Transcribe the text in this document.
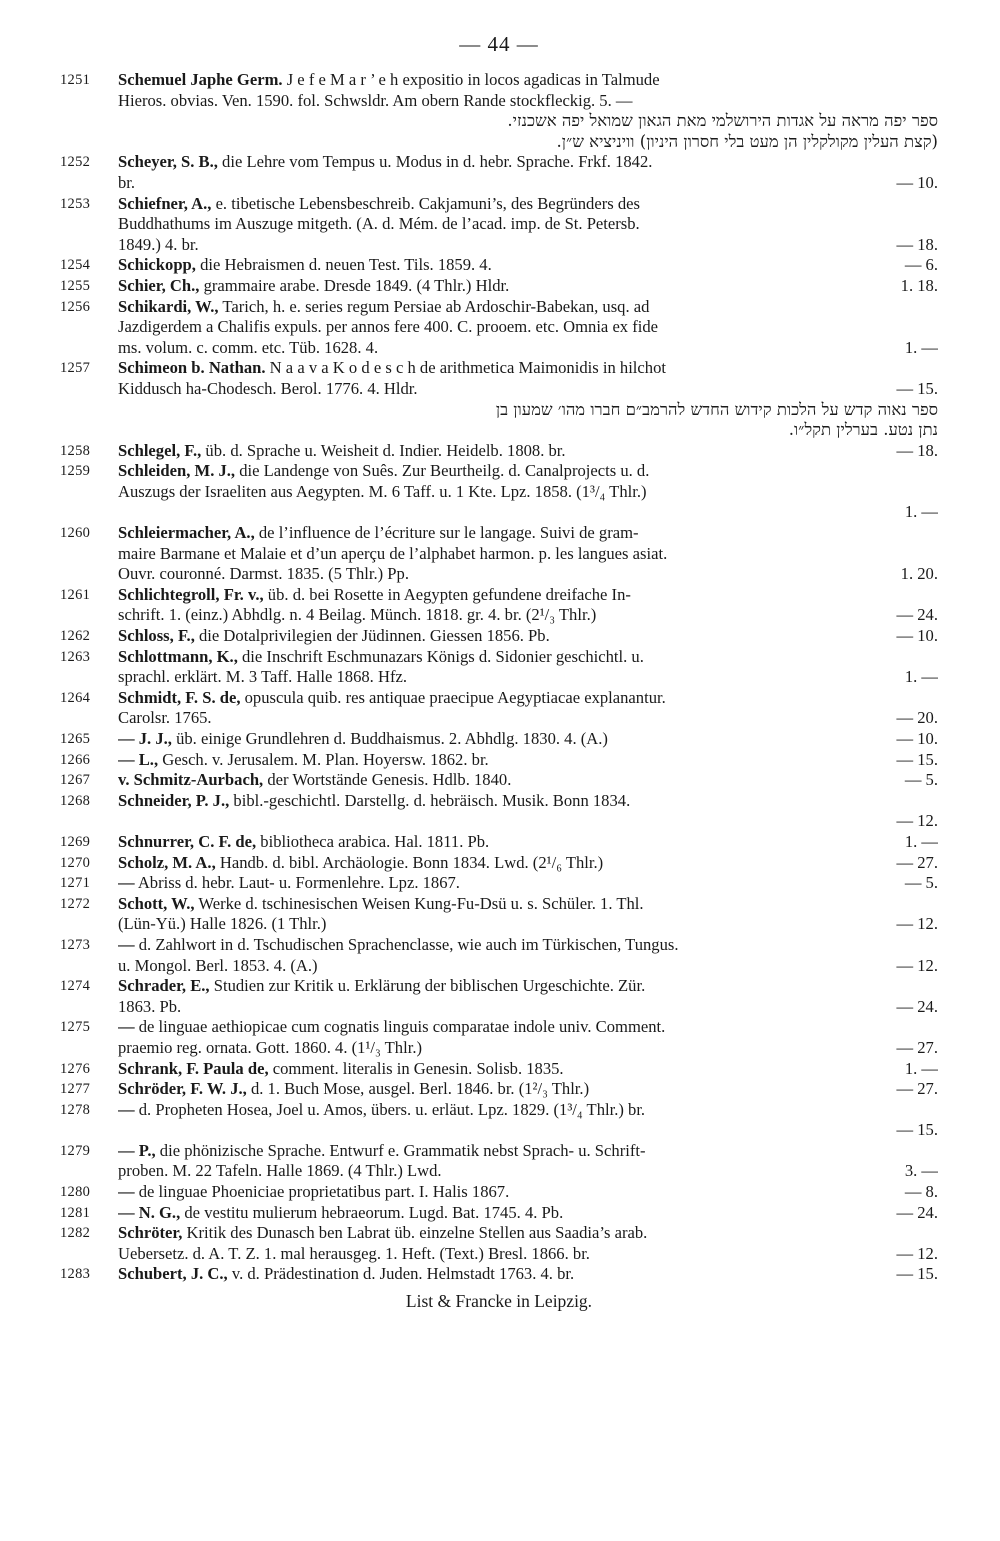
— 44 —
1251	Schemuel Japhe Germ. J e f e M a r ’ e h expositio in locos agadicas in Talmude
Hieros. obvias. Ven. 1590. fol. Schwsldr. Am obern Rande stockfleckig. 5. —
ספר יפה מראה על אגדות הירושלמי מאת הגאון שמואל יפה אשכנזי.
(קצת העלין מקולקלין הן מעט בלי חסרון היניון) וויניציא ש״ן.
1252	Scheyer, S. B., die Lehre vom Tempus u. Modus in d. hebr. Sprache. Frkf. 1842.
br.	— 10.
1253	Schiefner, A., e. tibetische Lebensbeschreib. Cakjamuni’s, des Begründers des
Buddhathums im Auszuge mitgeth. (A. d. Mém. de l’acad. imp. de St. Petersb.
1849.) 4. br.	— 18.
1254	Schickopp, die Hebraismen d. neuen Test. Tils. 1859. 4.	— 6.
1255	Schier, Ch., grammaire arabe. Dresde 1849. (4 Thlr.) Hldr.	1. 18.
1256	Schikardi, W., Tarich, h. e. series regum Persiae ab Ardoschir-Babekan, usq. ad
Jazdigerdem a Chalifis expuls. per annos fere 400. C. prooem. etc. Omnia ex fide
ms. volum. c. comm. etc. Tüb. 1628. 4.	1. —
1257	Schimeon b. Nathan. N a a v a K o d e s c h de arithmetica Maimonidis in hilchot
Kiddusch ha-Chodesch. Berol. 1776. 4. Hldr.	— 15.
ספר נאוה קדש על הלכות קידוש החדש להרמב״ם חברו מהו׳ שמעון בן
נתן נטע. בערלין תקל״ו.
1258	Schlegel, F., üb. d. Sprache u. Weisheit d. Indier. Heidelb. 1808. br.	— 18.
1259	Schleiden, M. J., die Landenge von Suês. Zur Beurtheilg. d. Canalprojects u. d.
Auszugs der Israeliten aus Aegypten. M. 6 Taff. u. 1 Kte. Lpz. 1858. (1³/₄ Thlr.)
1. —
1260	Schleiermacher, A., de l’influence de l’écriture sur le langage. Suivi de gram-
maire Barmane et Malaie et d’un aperçu de l’alphabet harmon. p. les langues asiat.
Ouvr. couronné. Darmst. 1835. (5 Thlr.) Pp.	1. 20.
1261	Schlichtegroll, Fr. v., üb. d. bei Rosette in Aegypten gefundene dreifache In-
schrift. 1. (einz.) Abhdlg. n. 4 Beilag. Münch. 1818. gr. 4. br. (2¹/₃ Thlr.)	— 24.
1262	Schloss, F., die Dotalprivilegien der Jüdinnen. Giessen 1856. Pb.	— 10.
1263	Schlottmann, K., die Inschrift Eschmunazars Königs d. Sidonier geschichtl. u.
sprachl. erklärt. M. 3 Taff. Halle 1868. Hfz.	1. —
1264	Schmidt, F. S. de, opuscula quib. res antiquae praecipue Aegyptiacae explanantur.
Carolsr. 1765.	— 20.
1265	— J. J., üb. einige Grundlehren d. Buddhaismus. 2. Abhdlg. 1830. 4. (A.)	— 10.
1266	— L., Gesch. v. Jerusalem. M. Plan. Hoyersw. 1862. br.	— 15.
1267	v. Schmitz-Aurbach, der Wortstände Genesis. Hdlb. 1840.	— 5.
1268	Schneider, P. J., bibl.-geschichtl. Darstellg. d. hebräisch. Musik. Bonn 1834.
— 12.
1269	Schnurrer, C. F. de, bibliotheca arabica. Hal. 1811. Pb.	1. —
1270	Scholz, M. A., Handb. d. bibl. Archäologie. Bonn 1834. Lwd. (2¹/₆ Thlr.)	— 27.
1271	— Abriss d. hebr. Laut- u. Formenlehre. Lpz. 1867.	— 5.
1272	Schott, W., Werke d. tschinesischen Weisen Kung-Fu-Dsü u. s. Schüler. 1. Thl.
(Lün-Yü.) Halle 1826. (1 Thlr.)	— 12.
1273	— d. Zahlwort in d. Tschudischen Sprachenclasse, wie auch im Türkischen, Tungus.
u. Mongol. Berl. 1853. 4. (A.)	— 12.
1274	Schrader, E., Studien zur Kritik u. Erklärung der biblischen Urgeschichte. Zür.
1863. Pb.	— 24.
1275	— de linguae aethiopicae cum cognatis linguis comparatae indole univ. Comment.
praemio reg. ornata. Gott. 1860. 4. (1¹/₃ Thlr.)	— 27.
1276	Schrank, F. Paula de, comment. literalis in Genesin. Solisb. 1835.	1. —
1277	Schröder, F. W. J., d. 1. Buch Mose, ausgel. Berl. 1846. br. (1²/₃ Thlr.)	— 27.
1278	— d. Propheten Hosea, Joel u. Amos, übers. u. erläut. Lpz. 1829. (1³/₄ Thlr.) br.
— 15.
1279	— P., die phönizische Sprache. Entwurf e. Grammatik nebst Sprach- u. Schrift-
proben. M. 22 Tafeln. Halle 1869. (4 Thlr.) Lwd.	3. —
1280	— de linguae Phoeniciae proprietatibus part. I. Halis 1867.	— 8.
1281	— N. G., de vestitu mulierum hebraeorum. Lugd. Bat. 1745. 4. Pb.	— 24.
1282	Schröter, Kritik des Dunasch ben Labrat üb. einzelne Stellen aus Saadia’s arab.
Uebersetz. d. A. T. Z. 1. mal herausgeg. 1. Heft. (Text.) Bresl. 1866. br.	— 12.
1283	Schubert, J. C., v. d. Prädestination d. Juden. Helmstadt 1763. 4. br.	— 15.
List & Francke in Leipzig.
